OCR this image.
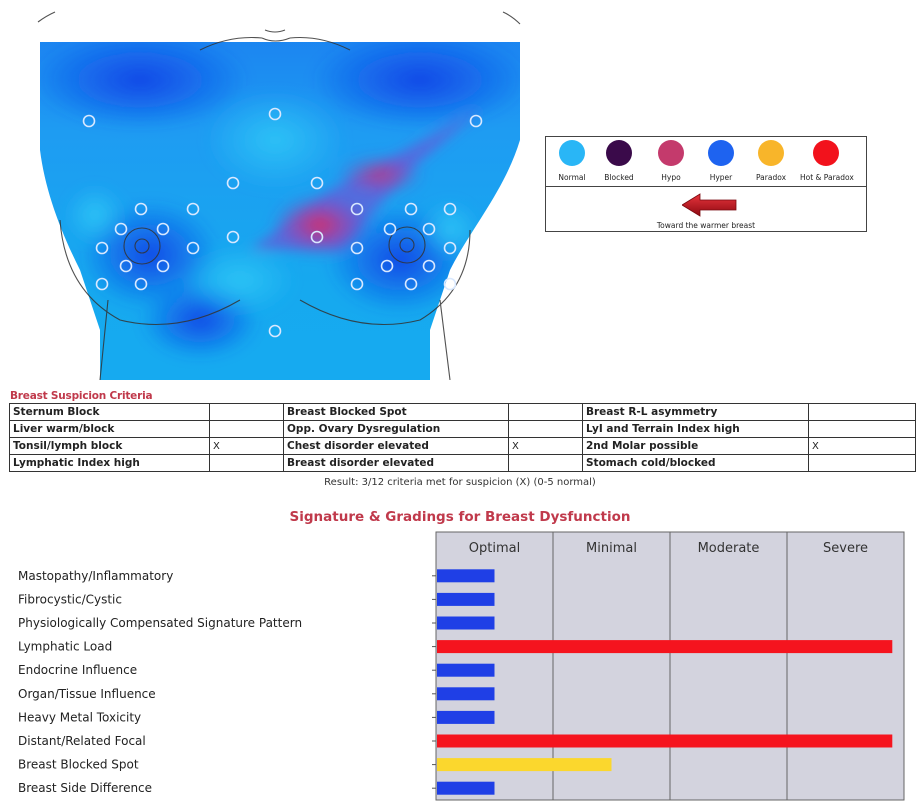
Normal	Blocked	Hypo	Hyper	Paradox	Hot & Paradox
Toward the warmer breast
Breast Suspicion Criteria
Sternum Block		Breast Blocked Spot		Breast R-L asymmetry	
Liver warm/block		Opp. Ovary Dysregulation		LyI and Terrain Index high	
Tonsil/lymph block	X	Chest disorder elevated	X	2nd Molar possible	X
Lymphatic Index high		Breast disorder elevated		Stomach cold/blocked	
Result: 3/12 criteria met for suspicion (X) (0-5 normal)
Signature & Gradings for Breast Dysfunction
Optimal	Minimal	Moderate	Severe
Mastopathy/Inflammatory
Fibrocystic/Cystic
Physiologically Compensated Signature Pattern
Lymphatic Load
Endocrine Influence
Organ/Tissue Influence
Heavy Metal Toxicity
Distant/Related Focal
Breast Blocked Spot
Breast Side Difference
